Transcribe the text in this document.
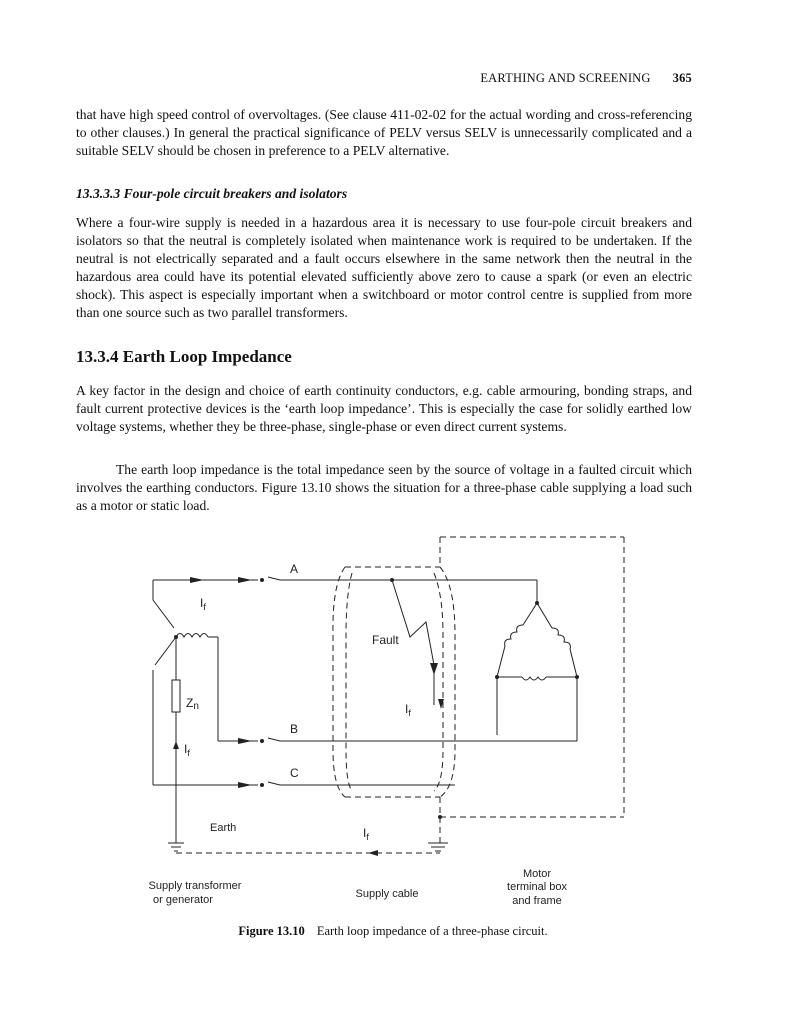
EARTHING AND SCREENING 365

that have high speed control of overvoltages. (See clause 411-02-02 for the actual wording and cross-referencing to other clauses.) In general the practical significance of PELV versus SELV is unnecessarily complicated and a suitable SELV should be chosen in preference to a PELV alternative.

13.3.3.3 Four-pole circuit breakers and isolators

Where a four-wire supply is needed in a hazardous area it is necessary to use four-pole circuit breakers and isolators so that the neutral is completely isolated when maintenance work is required to be undertaken. If the neutral is not electrically separated and a fault occurs elsewhere in the same network then the neutral in the hazardous area could have its potential elevated sufficiently above zero to cause a spark (or even an electric shock). This aspect is especially important when a switchboard or motor control centre is supplied from more than one source such as two parallel transformers.

13.3.4 Earth Loop Impedance

A key factor in the design and choice of earth continuity conductors, e.g. cable armouring, bonding straps, and fault current protective devices is the ‘earth loop impedance’. This is especially the case for solidly earthed low voltage systems, whether they be three-phase, single-phase or even direct current systems.

The earth loop impedance is the total impedance seen by the source of voltage in a faulted circuit which involves the earthing conductors. Figure 13.10 shows the situation for a three-phase cable supplying a load such as a motor or static load.

A
B
C
$I_f$
$I_f$
$I_f$
$I_f$
Zn
Fault
Earth
Supply transformer
or generator	Supply cable
Motor
terminal box
and frame
Figure 13.10 Earth loop impedance of a three-phase circuit.
